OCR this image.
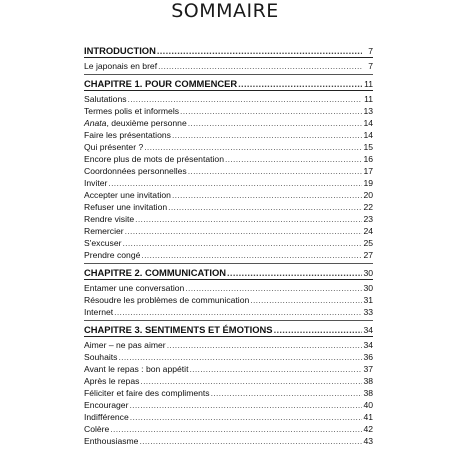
SOMMAIRE
INTRODUCTION .....	7
Le japonais en bref .....	7
CHAPITRE 1. POUR COMMENCER .....	11
Salutations .....	11
Termes polis et informels .....	13
Anata, deuxième personne .....	14
Faire les présentations .....	14
Qui présenter ? .....	15
Encore plus de mots de présentation .....	16
Coordonnées personnelles .....	17
Inviter .....	19
Accepter une invitation .....	20
Refuser une invitation .....	22
Rendre visite .....	23
Remercier .....	24
S'excuser .....	25
Prendre congé .....	27
CHAPITRE 2. COMMUNICATION .....	30
Entamer une conversation .....	30
Résoudre les problèmes de communication .....	31
Internet .....	33
CHAPITRE 3. SENTIMENTS ET ÉMOTIONS .....	34
Aimer – ne pas aimer .....	34
Souhaits .....	36
Avant le repas : bon appétit .....	37
Après le repas .....	38
Féliciter et faire des compliments .....	38
Encourager .....	40
Indifférence .....	41
Colère .....	42
Enthousiasme .....	43
